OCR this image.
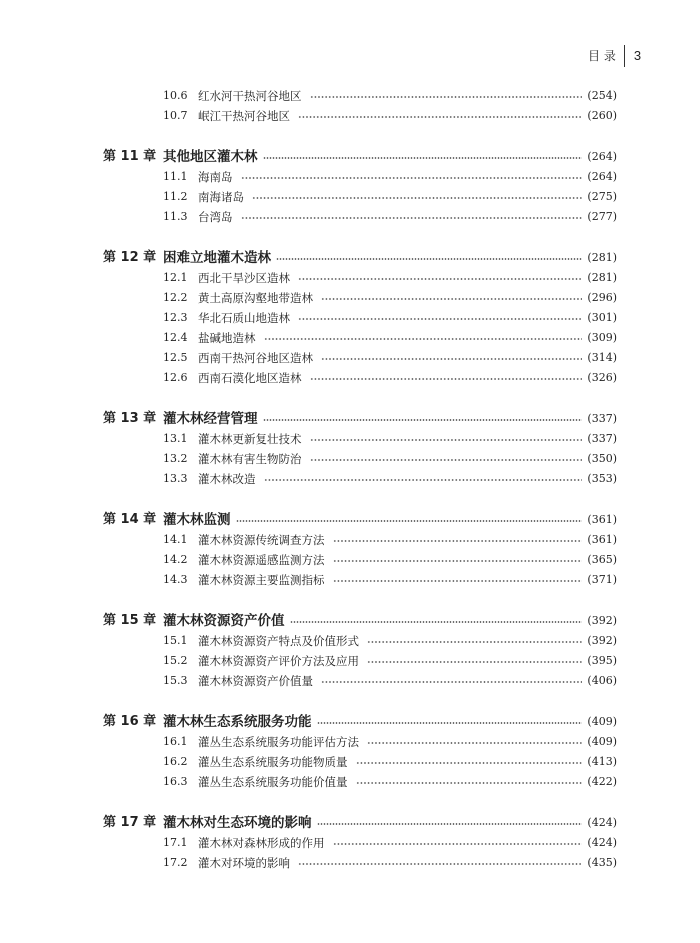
目 录 3
10.6 红水河干热河谷地区	(254)
10.7 岷江干热河谷地区	(260)
第 11 章 其他地区灌木林	(264)
11.1 海南岛	(264)
11.2 南海诸岛	(275)
11.3 台湾岛	(277)
第 12 章 困难立地灌木造林	(281)
12.1 西北干旱沙区造林	(281)
12.2 黄土高原沟壑地带造林	(296)
12.3 华北石质山地造林	(301)
12.4 盐碱地造林	(309)
12.5 西南干热河谷地区造林	(314)
12.6 西南石漠化地区造林	(326)
第 13 章 灌木林经营管理	(337)
13.1 灌木林更新复壮技术	(337)
13.2 灌木林有害生物防治	(350)
13.3 灌木林改造	(353)
第 14 章 灌木林监测	(361)
14.1 灌木林资源传统调查方法	(361)
14.2 灌木林资源遥感监测方法	(365)
14.3 灌木林资源主要监测指标	(371)
第 15 章 灌木林资源资产价值	(392)
15.1 灌木林资源资产特点及价值形式	(392)
15.2 灌木林资源资产评价方法及应用	(395)
15.3 灌木林资源资产价值量	(406)
第 16 章 灌木林生态系统服务功能	(409)
16.1 灌丛生态系统服务功能评估方法	(409)
16.2 灌丛生态系统服务功能物质量	(413)
16.3 灌丛生态系统服务功能价值量	(422)
第 17 章 灌木林对生态环境的影响	(424)
17.1 灌木林对森林形成的作用	(424)
17.2 灌木对环境的影响	(435)
